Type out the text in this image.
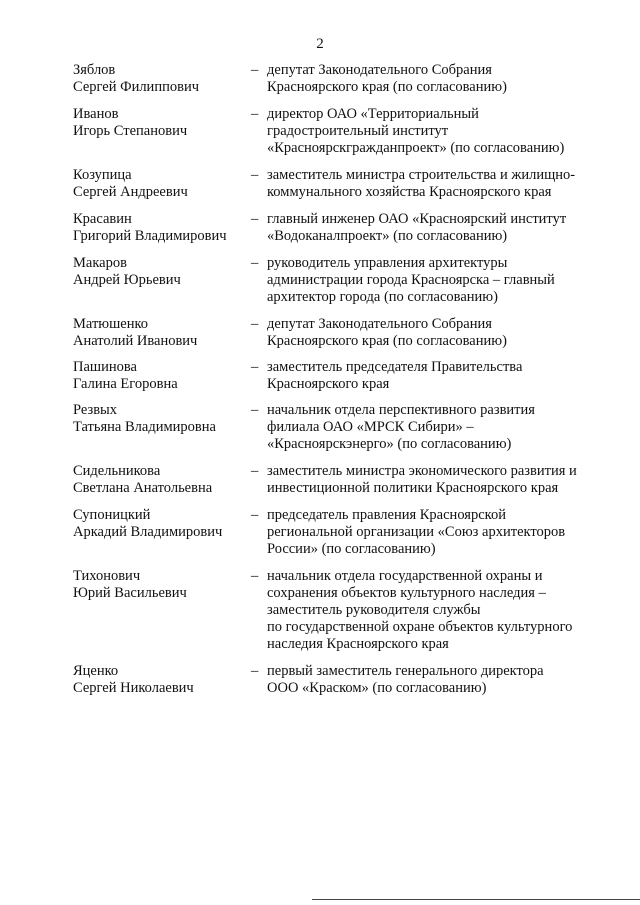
2
Зяблов
Сергей Филиппович
– депутат Законодательного Собрания
Красноярского края (по согласованию)
Иванов
Игорь Степанович
– директор ОАО «Территориальный
градостроительный институт
«Красноярскгражданпроект» (по согласованию)
Козупица
Сергей Андреевич
– заместитель министра строительства и жилищно-
коммунального хозяйства Красноярского края
Красавин
Григорий Владимирович
– главный инженер ОАО «Красноярский институт
«Водоканалпроект» (по согласованию)
Макаров
Андрей Юрьевич
– руководитель управления архитектуры
администрации города Красноярска – главный
архитектор города (по согласованию)
Матюшенко
Анатолий Иванович
– депутат Законодательного Собрания
Красноярского края (по согласованию)
Пашинова
Галина Егоровна
– заместитель председателя Правительства
Красноярского края
Резвых
Татьяна Владимировна
– начальник отдела перспективного развития
филиала ОАО «МРСК Сибири» –
«Красноярскэнерго» (по согласованию)
Сидельникова
Светлана Анатольевна
– заместитель министра экономического развития и
инвестиционной политики Красноярского края
Супоницкий
Аркадий Владимирович
– председатель правления Красноярской
региональной организации «Союз архитекторов
России» (по согласованию)
Тихонович
Юрий Васильевич
– начальник отдела государственной охраны и
сохранения объектов культурного наследия –
заместитель руководителя службы
по государственной охране объектов культурного
наследия Красноярского края
Яценко
Сергей Николаевич
– первый заместитель генерального директора
ООО «Краском» (по согласованию)
